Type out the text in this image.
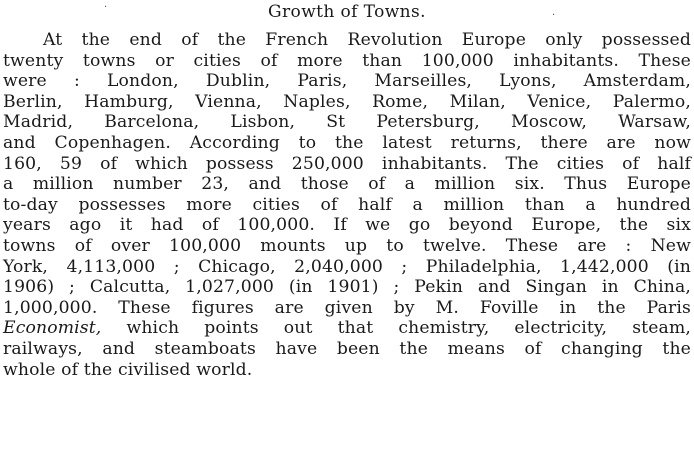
Growth of Towns.
·
·
At the end of the French Revolution Europe only possessed
twenty towns or cities of more than 100,000 inhabitants. These
were : London, Dublin, Paris, Marseilles, Lyons, Amsterdam,
Berlin, Hamburg, Vienna, Naples, Rome, Milan, Venice, Palermo,
Madrid, Barcelona, Lisbon, St Petersburg, Moscow, Warsaw,
and Copenhagen. According to the latest returns, there are now
160, 59 of which possess 250,000 inhabitants. The cities of half
a million number 23, and those of a million six. Thus Europe
to-day possesses more cities of half a million than a hundred
years ago it had of 100,000. If we go beyond Europe, the six
towns of over 100,000 mounts up to twelve. These are : New
York, 4,113,000 ; Chicago, 2,040,000 ; Philadelphia, 1,442,000 (in
1906) ; Calcutta, 1,027,000 (in 1901) ; Pekin and Singan in China,
1,000,000. These figures are given by M. Foville in the Paris
Economist, which points out that chemistry, electricity, steam,
railways, and steamboats have been the means of changing the
whole of the civilised world.
